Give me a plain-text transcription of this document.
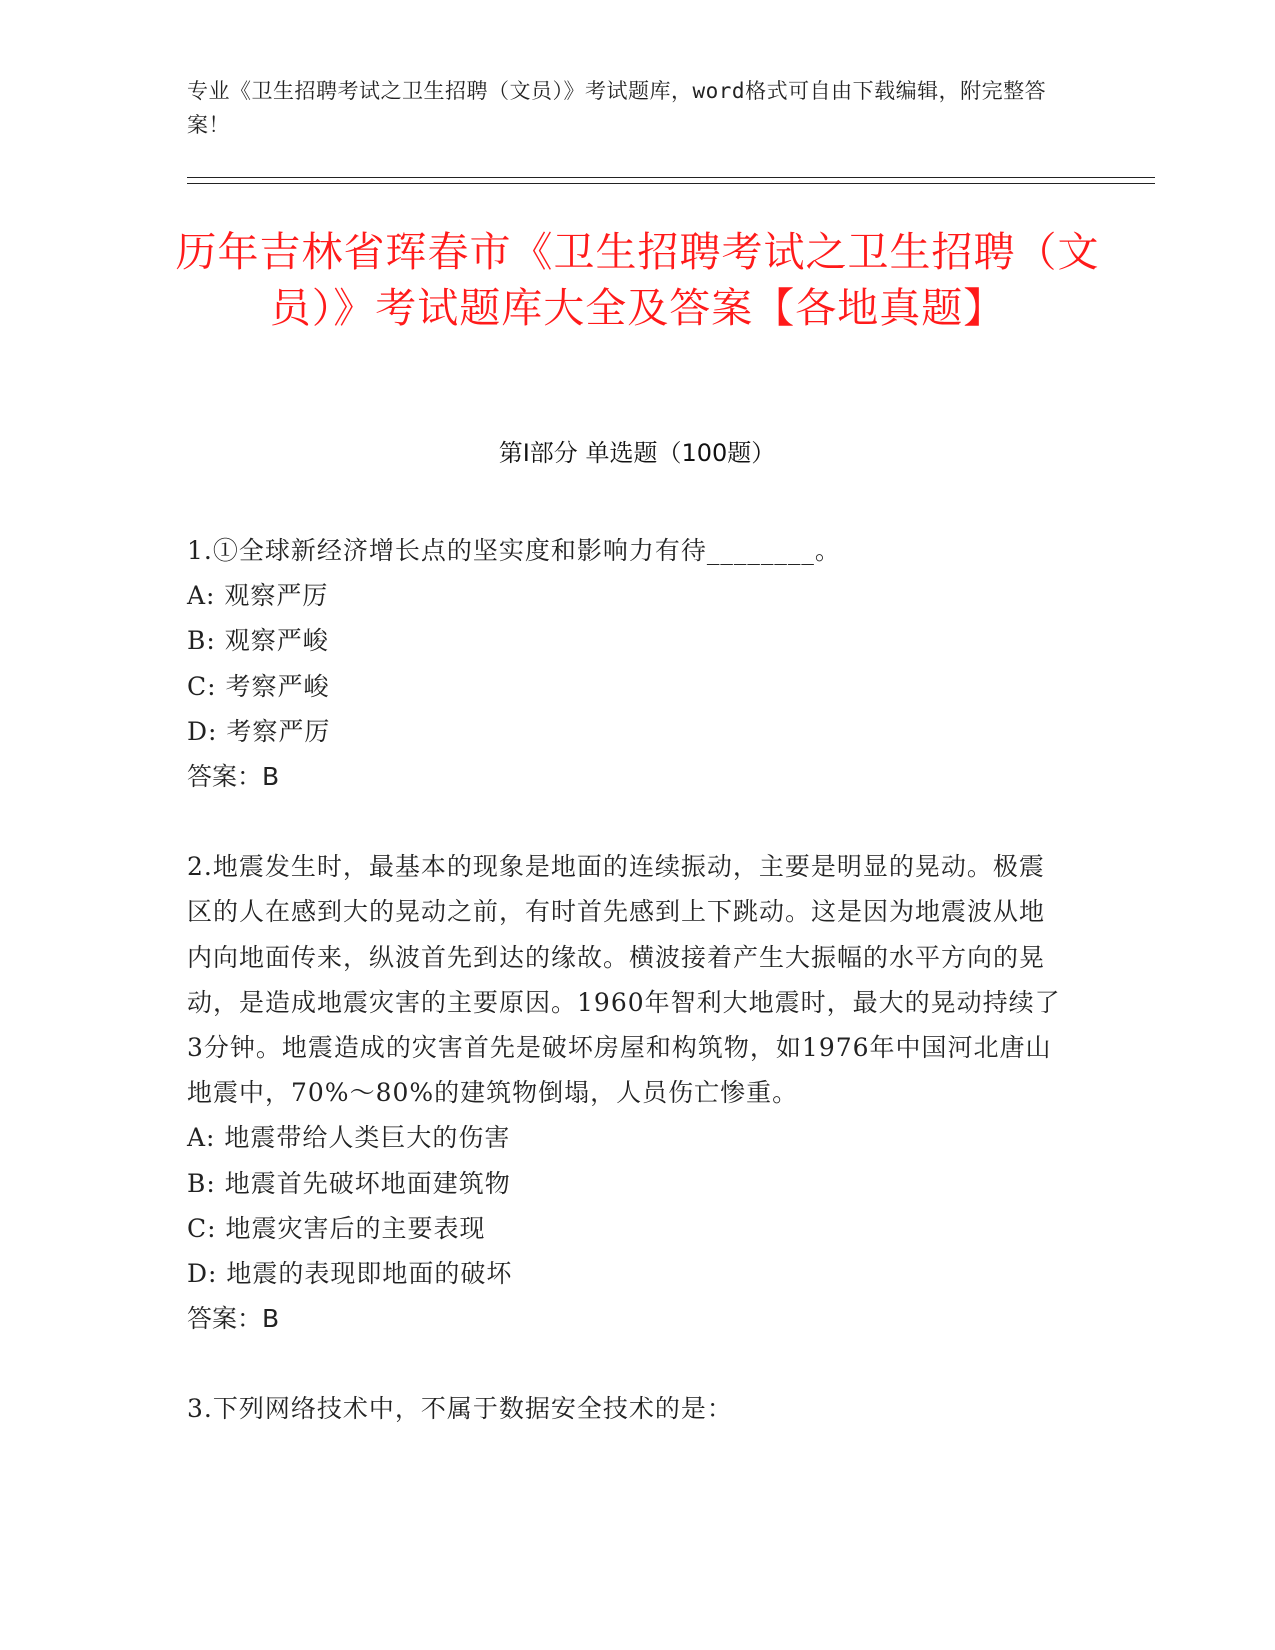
专业《卫生招聘考试之卫生招聘（文员）》考试题库，word格式可自由下载编辑，附完整答案！
历年吉林省珲春市《卫生招聘考试之卫生招聘（文员）》考试题库大全及答案【各地真题】
第Ⅰ部分 单选题（100题）
1.①全球新经济增长点的坚实度和影响力有待________。
A: 观察严厉
B: 观察严峻
C: 考察严峻
D: 考察严厉
答案：B
2.地震发生时，最基本的现象是地面的连续振动，主要是明显的晃动。极震区的人在感到大的晃动之前，有时首先感到上下跳动。这是因为地震波从地内向地面传来，纵波首先到达的缘故。横波接着产生大振幅的水平方向的晃动，是造成地震灾害的主要原因。1960年智利大地震时，最大的晃动持续了3分钟。地震造成的灾害首先是破坏房屋和构筑物，如1976年中国河北唐山地震中，70%～80%的建筑物倒塌，人员伤亡惨重。
A: 地震带给人类巨大的伤害
B: 地震首先破坏地面建筑物
C: 地震灾害后的主要表现
D: 地震的表现即地面的破坏
答案：B
3.下列网络技术中，不属于数据安全技术的是：
